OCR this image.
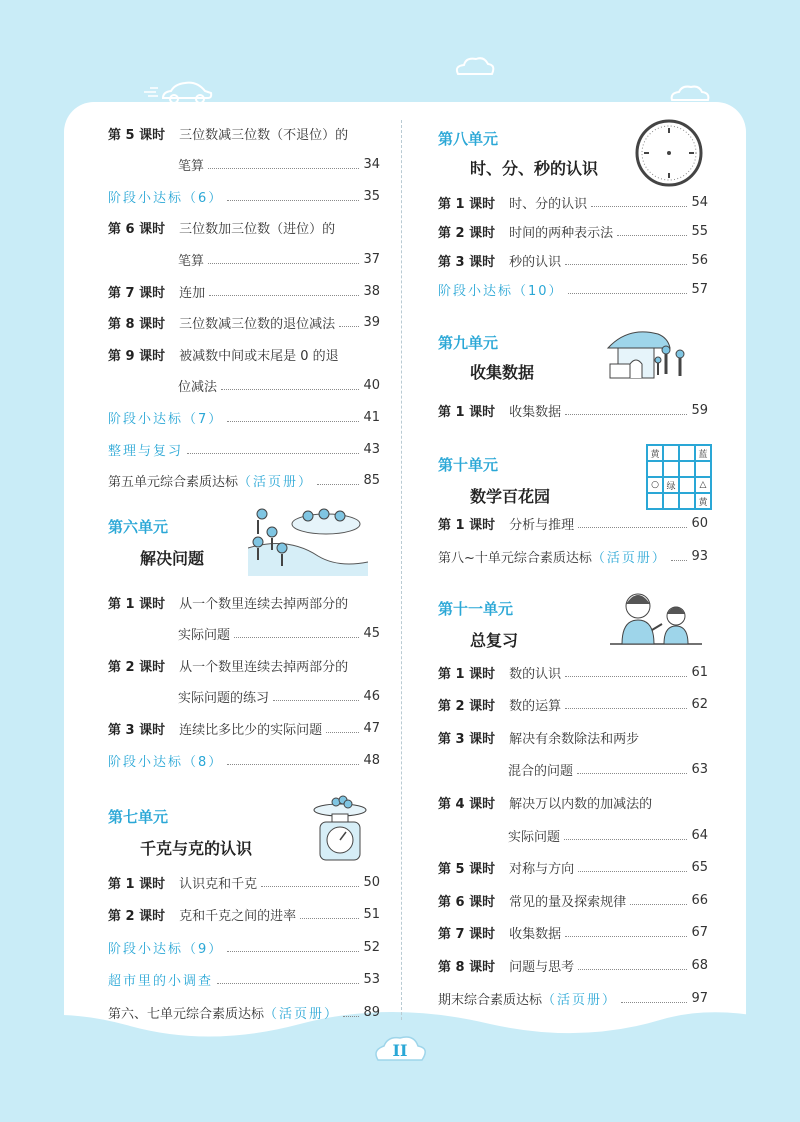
第六单元
解决问题
第七单元
千克与克的认识
第八单元
时、分、秒的认识
第九单元
收集数据
第十单元
数学百花园
黄	蓝
○ 绿	△
黄
第十一单元
总复习
II
第 5 课时 三位数减三位数（不退位）的
笔算	34
阶段小达标（6）	35
第 6 课时 三位数加三位数（进位）的
笔算	37
第 7 课时 连加	38
第 8 课时 三位数减三位数的退位减法 39
第 9 课时 被减数中间或末尾是 0 的退
位减法	40
阶段小达标（7）	41
整理与复习	43
第五单元综合素质达标 （活页册）	85
第 1 课时 从一个数里连续去掉两部分的
实际问题	45
第 2 课时 从一个数里连续去掉两部分的
实际问题的练习	46
第 3 课时 连续比多比少的实际问题	47
阶段小达标（8）	48
第 1 课时 认识克和千克	50
第 2 课时 克和千克之间的进率	51
阶段小达标（9）	52
超市里的小调查	53
第六、七单元综合素质达标 （活页册） 89
第 1 课时 时、分的认识	54
第 2 课时 时间的两种表示法	55
第 3 课时 秒的认识	56
阶段小达标（10）	57
第 1 课时 收集数据	59
第 1 课时 分析与推理	60
第八~十单元综合素质达标 （活页册） 93
第 1 课时 数的认识	61
第 2 课时 数的运算	62
第 3 课时 解决有余数除法和两步
混合的问题	63
第 4 课时 解决万以内数的加减法的
实际问题	64
第 5 课时 对称与方向	65
第 6 课时 常见的量及探索规律	66
第 7 课时 收集数据	67
第 8 课时 问题与思考	68
期末综合素质达标 （活页册）	97
